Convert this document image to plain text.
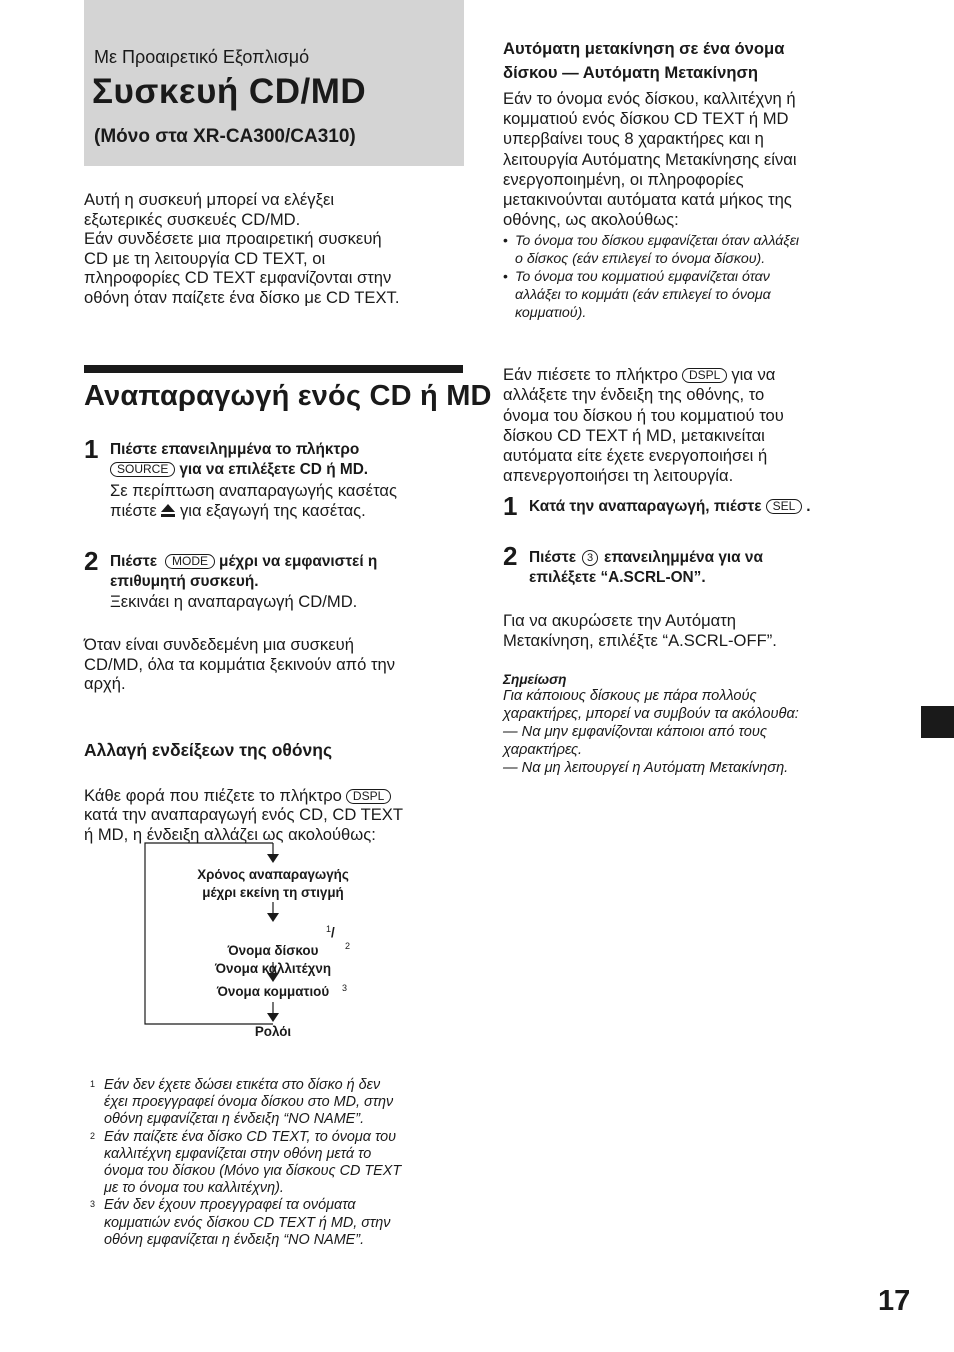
Με Προαιρετικό Εξοπλισμό
Συσκευή CD/MD
(Μόνο στα XR-CA300/CA310)
Αυτή η συσκευή μπορεί να ελέγξει
εξωτερικές συσκευές CD/MD.
Εάν συνδέσετε μια προαιρετική συσκευή
CD με τη λειτουργία CD TEXT, οι
πληροφορίες CD TEXT εμφανίζονται στην
οθόνη όταν παίζετε ένα δίσκο με CD TEXT.
Αναπαραγωγή ενός CD ή MD
1 Πιέστε επανειλημμένα το πλήκτρο
SOURCE για να επιλέξετε CD ή MD.
Σε περίπτωση αναπαραγωγής κασέτας
πιέστε για εξαγωγή της κασέτας.
2 Πιέστε MODE μέχρι να εμφανιστεί η
επιθυμητή συσκευή.
Ξεκινάει η αναπαραγωγή CD/MD.
Όταν είναι συνδεδεμένη μια συσκευή
CD/MD, όλα τα κομμάτια ξεκινούν από την
αρχή.
Αλλαγή ενδείξεων της οθόνης

Κάθε φορά που πιέζετε το πλήκτρο DSPL
κατά την αναπαραγωγή ενός CD, CD TEXT
ή MD, η ένδειξη αλλάζει ως ακολούθως:

Χρόνος αναπαραγωγής
μέχρι εκείνη τη στιγμή

Όνομα δίσκου
Όνομα καλλιτέχνη

1 /
2
Όνομα κομματιού	3
Ρολόι
1 Εάν δεν έχετε δώσει ετικέτα στο δίσκο ή δεν
έχει προεγγραφεί όνομα δίσκου στο MD, στην
οθόνη εμφανίζεται η ένδειξη “NO NAME”.
2 Εάν παίζετε ένα δίσκο CD TEXT, το όνομα του
καλλιτέχνη εμφανίζεται στην οθόνη μετά το
όνομα του δίσκου (Μόνο για δίσκους CD TEXT
με το όνομα του καλλιτέχνη).
3 Εάν δεν έχουν προεγγραφεί τα ονόματα
κομματιών ενός δίσκου CD TEXT ή MD, στην
οθόνη εμφανίζεται η ένδειξη “NO NAME”.
Αυτόματη μετακίνηση σε ένα όνομα
δίσκου — Αυτόματη Μετακίνηση
Εάν το όνομα ενός δίσκου, καλλιτέχνη ή
κομματιού ενός δίσκου CD TEXT ή MD
υπερβαίνει τους 8 χαρακτήρες και η
λειτουργία Αυτόματης Μετακίνησης είναι
ενεργοποιημένη, οι πληροφορίες
μετακινούνται αυτόματα κατά μήκος της
οθόνης, ως ακολούθως:
• Το όνομα του δίσκου εμφανίζεται όταν αλλάξει
ο δίσκος (εάν επιλεγεί το όνομα δίσκου).
• Το όνομα του κομματιού εμφανίζεται όταν
αλλάξει το κομμάτι (εάν επιλεγεί το όνομα
κομματιού).

Εάν πιέσετε το πλήκτρο DSPL για να
αλλάξετε την ένδειξη της οθόνης, το
όνομα του δίσκου ή του κομματιού του
δίσκου CD TEXT ή MD, μετακινείται
αυτόματα είτε έχετε ενεργοποιήσει ή
απενεργοποιήσει τη λειτουργία.

1 Κατά την αναπαραγωγή, πιέστε SEL .
2 Πιέστε 3 επανειλημμένα για να
επιλέξετε “A.SCRL-ON”.
Για να ακυρώσετε την Αυτόματη
Μετακίνηση, επιλέξτε “A.SCRL-OFF”.
Σημείωση
Για κάποιους δίσκους με πάρα πολλούς
χαρακτήρες, μπορεί να συμβούν τα ακόλουθα:
— Να μην εμφανίζονται κάποιοι από τους
χαρακτήρες.
— Να μη λειτουργεί η Αυτόματη Μετακίνηση.
17
